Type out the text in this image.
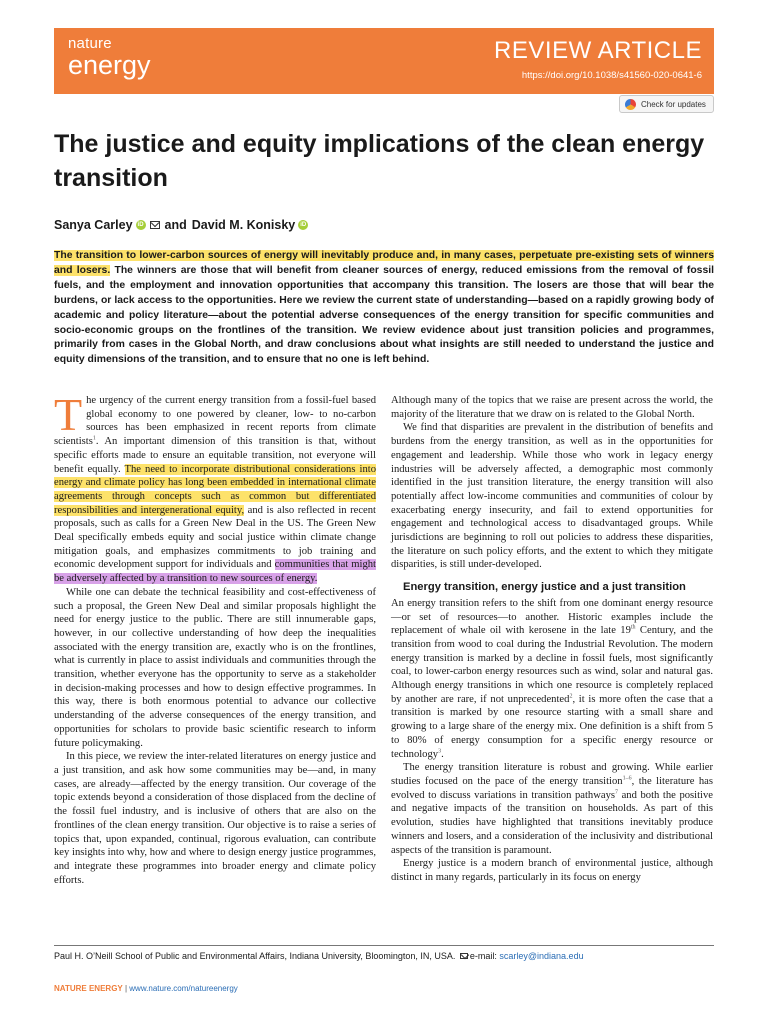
nature
energy	REVIEW ARTICLE
https://doi.org/10.1038/s41560-020-0641-6
Check for updates
The justice and equity implications of the clean energy transition
Sanya Carley iD and David M. Konisky iD
The transition to lower-carbon sources of energy will inevitably produce and, in many cases, perpetuate pre-existing sets of winners and losers. The winners are those that will benefit from cleaner sources of energy, reduced emissions from the removal of fossil fuels, and the employment and innovation opportunities that accompany this transition. The losers are those that will bear the burdens, or lack access to the opportunities. Here we review the current state of understanding—based on a rapidly growing body of academic and policy literature—about the potential adverse consequences of the energy transition for specific communities and socio-economic groups on the frontlines of the transition. We review evidence about just transition policies and programmes, primarily from cases in the Global North, and draw conclusions about what insights are still needed to understand the justice and equity dimensions of the transition, and to ensure that no one is left behind.

The urgency of the current energy transition from a fossil-fuel based global economy to one powered by cleaner, low- to no-carbon sources has been emphasized in recent reports from climate scientists$^1$. An important dimension of this transition is that, without specific efforts made to ensure an equitable transition, not everyone will benefit equally. The need to incorporate distributional considerations into energy and climate policy has long been embedded in international climate agreements through concepts such as common but differentiated responsibilities and intergenerational equity, and is also reflected in recent proposals, such as calls for a Green New Deal in the US. The Green New Deal specifically embeds equity and social justice within climate change mitigation goals, and emphasizes commitments to job training and economic development support for individuals and communities that might be adversely affected by a transition to new sources of energy.

While one can debate the technical feasibility and cost-effectiveness of such a proposal, the Green New Deal and similar proposals highlight the need for energy justice to the public. There are still innumerable gaps, however, in our collective understanding of how deep the inequalities associated with the energy transition are, exactly who is on the frontlines, what is currently in place to assist individuals and communities through the transition, whether everyone has the opportunity to serve as a stakeholder in decision-making processes and how to design effective programmes. In this way, there is both enormous potential to advance our collective understanding of the adverse consequences of the energy transition, and opportunities for scholars to provide basic scientific research to inform future policymaking.

In this piece, we review the inter-related literatures on energy justice and a just transition, and ask how some communities may be—and, in many cases, are already—affected by the energy transition. Our coverage of the topic extends beyond a consideration of those displaced from the decline of the fossil fuel industry, and is inclusive of others that are also on the frontlines of the clean energy transition. Our objective is to raise a series of topics that, upon expanded, continual, rigorous evaluation, can contribute key insights into why, how and where to design energy justice programmes, and integrate these programmes into broader energy and climate policy efforts.

Although many of the topics that we raise are present across the world, the majority of the literature that we draw on is related to the Global North.

We find that disparities are prevalent in the distribution of benefits and burdens from the energy transition, as well as in the opportunities for engagement and leadership. While those who work in legacy energy industries will be adversely affected, a demographic most commonly identified in the just transition literature, the energy transition will also potentially affect low-income communities and communities of colour by exacerbating energy insecurity, and fail to extend opportunities for engagement and technological access to disadvantaged groups. While jurisdictions are beginning to roll out policies to address these disparities, the literature on such policy efforts, and the extent to which they mitigate disparities, is still under-developed.

Energy transition, energy justice and a just transition

An energy transition refers to the shift from one dominant energy resource—or set of resources—to another. Historic examples include the replacement of whale oil with kerosene in the late 19th Century, and the transition from wood to coal during the Industrial Revolution. The modern energy transition is marked by a decline in fossil fuels, most significantly coal, to lower-carbon energy resources such as wind, solar and natural gas. Although energy transitions in which one resource is completely replaced by another are rare, if not unprecedented$^2$, it is more often the case that a transition is marked by one resource starting with a small share and growing to a large share of the energy mix. One definition is a shift from 5 to 80% of energy consumption for a specific energy resource or technology$^3$.

The energy transition literature is robust and growing. While earlier studies focused on the pace of the energy transition$^{1-6}$, the literature has evolved to discuss variations in transition pathways$^7$ and both the positive and negative impacts of the transition on households. As part of this evolution, studies have highlighted that transitions inevitably produce winners and losers, and a consideration of the inclusivity and distributional aspects of the transition is paramount.

Energy justice is a modern branch of environmental justice, although distinct in many regards, particularly in its focus on energy

Paul H. O’Neill School of Public and Environmental Affairs, Indiana University, Bloomington, IN, USA. e-mail: scarley@indiana.edu
NATURE ENERGY | www.nature.com/natureenergy
